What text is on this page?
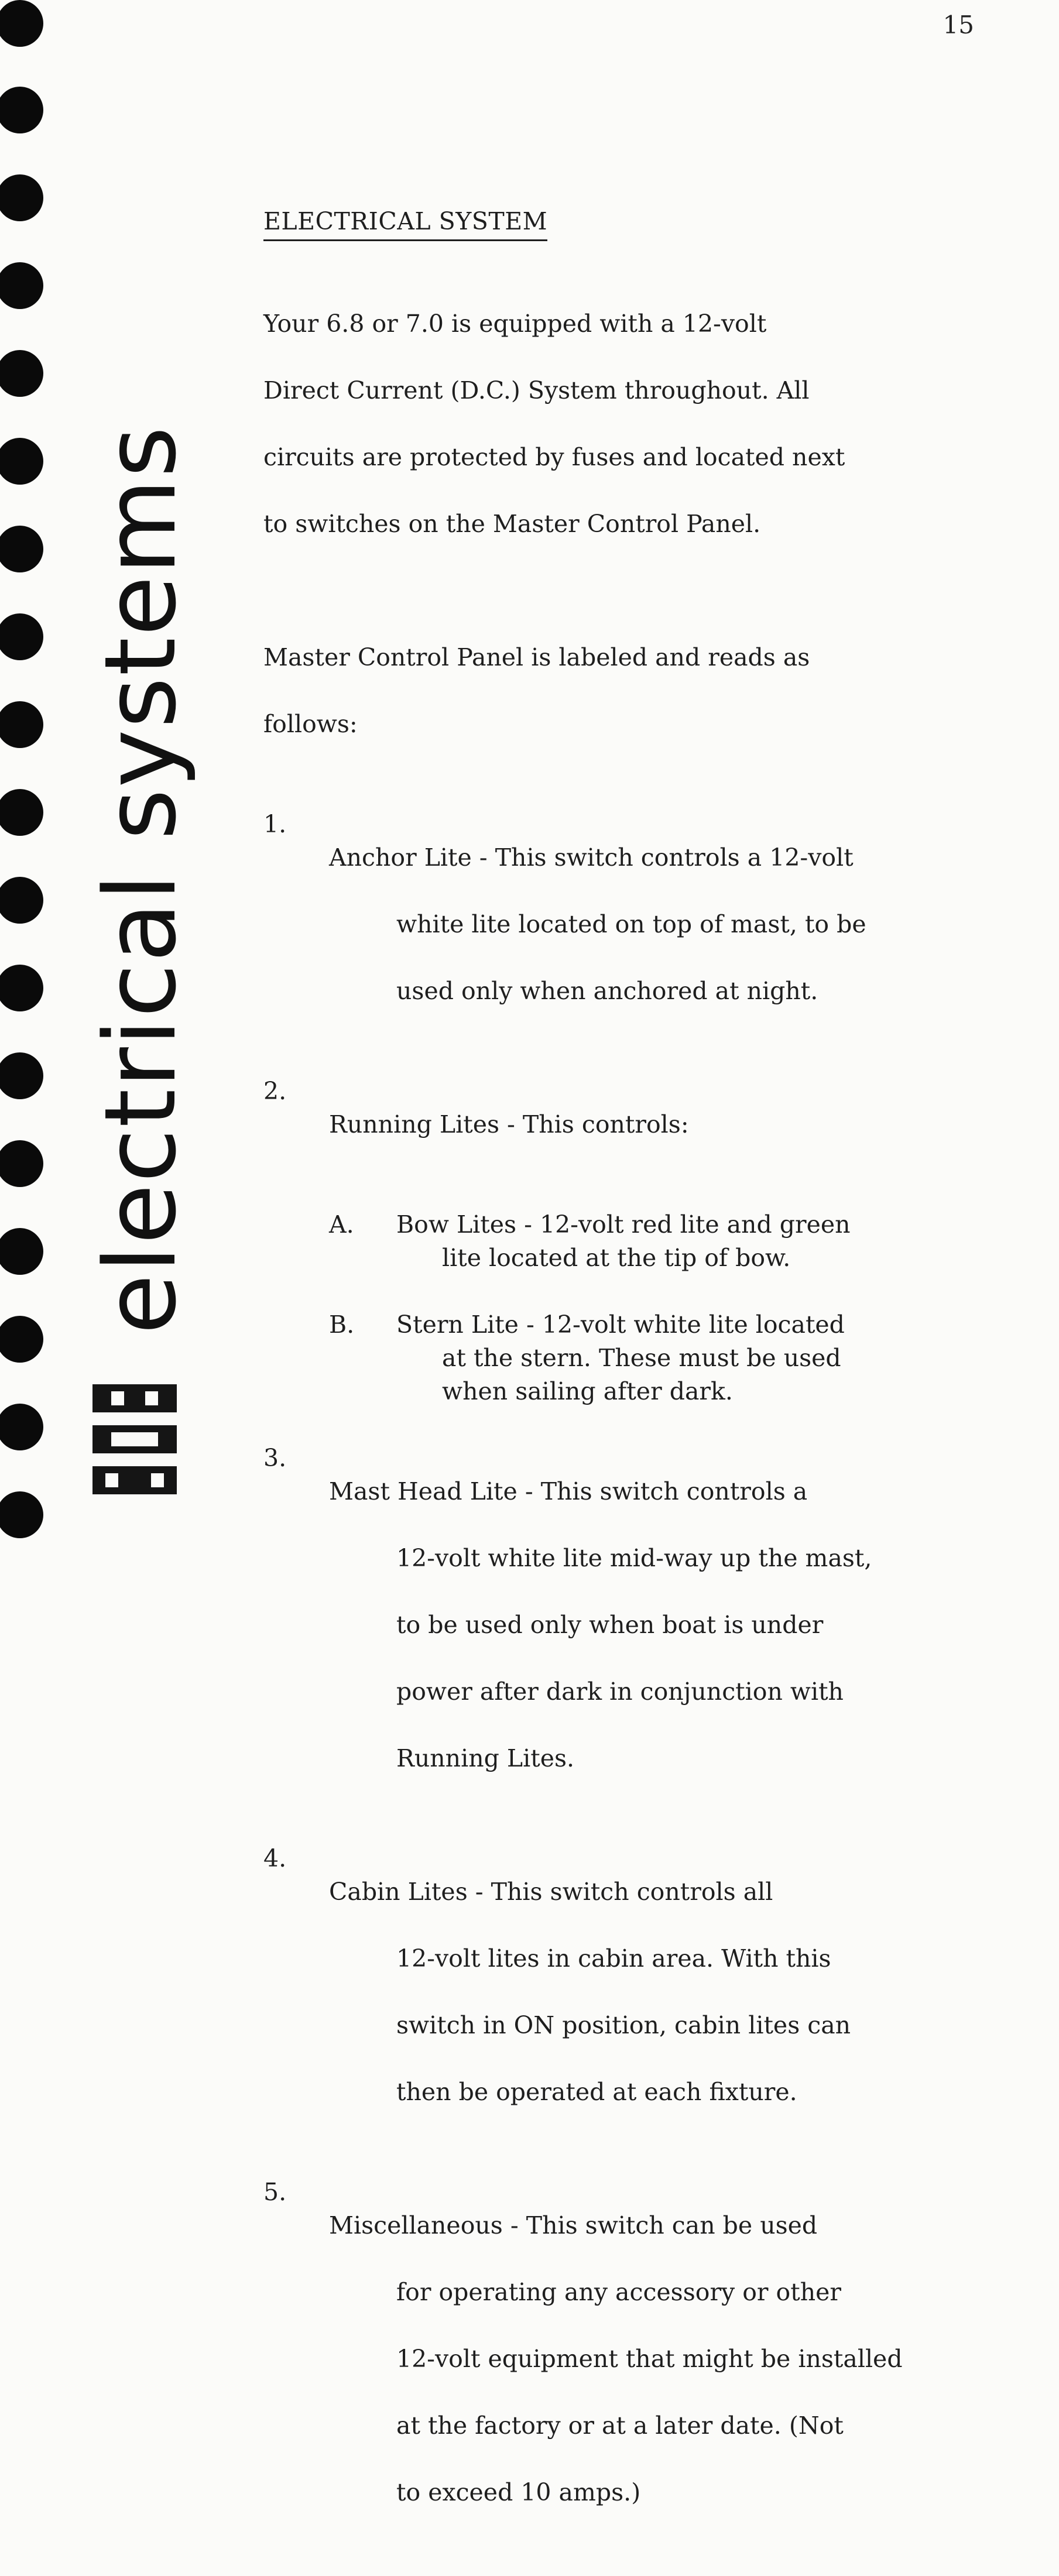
15
electrical systems
ELECTRICAL SYSTEM

Your 6.8 or 7.0 is equipped with a 12-volt

Direct Current (D.C.) System throughout. All

circuits are protected by fuses and located next

to switches on the Master Control Panel.

Master Control Panel is labeled and reads as

follows:

1.

Anchor Lite - This switch controls a 12-volt

white lite located on top of mast, to be

used only when anchored at night.

2.

Running Lites - This controls:

A. Bow Lites - 12-volt red lite and green
lite located at the tip of bow.
B. Stern Lite - 12-volt white lite located
at the stern. These must be used
when sailing after dark.
3.

Mast Head Lite - This switch controls a

12-volt white lite mid-way up the mast,

to be used only when boat is under

power after dark in conjunction with

Running Lites.

4.

Cabin Lites - This switch controls all

12-volt lites in cabin area. With this

switch in ON position, cabin lites can

then be operated at each fixture.

5.

Miscellaneous - This switch can be used

for operating any accessory or other

12-volt equipment that might be installed

at the factory or at a later date. (Not

to exceed 10 amps.)
